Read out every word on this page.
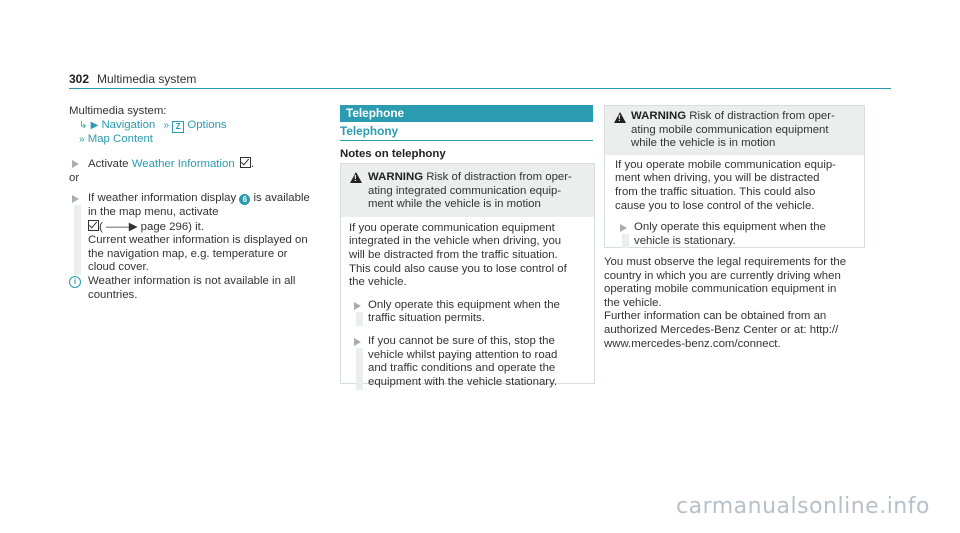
302 Multimedia system

Multimedia system:

↳ ▶ Navigation » Z Options

» Map Content

Activate Weather Information .

or

If weather information display 6 is available

in the map menu, activate

( ——▶ page 296) it.

Current weather information is displayed on

the navigation map, e.g. temperature or

cloud cover.

i	Weather information is not available in all

countries.

Telephone
Telephony
Notes on telephony
! WARNING Risk of distraction from oper-

ating integrated communication equip-

ment while the vehicle is in motion

If you operate communication equipment

integrated in the vehicle when driving, you

will be distracted from the traffic situation.

This could also cause you to lose control of

the vehicle.

Only operate this equipment when the

traffic situation permits.

If you cannot be sure of this, stop the

vehicle whilst paying attention to road

and traffic conditions and operate the

equipment with the vehicle stationary.

! WARNING Risk of distraction from oper-

ating mobile communication equipment

while the vehicle is in motion

If you operate mobile communication equip-

ment when driving, you will be distracted

from the traffic situation. This could also

cause you to lose control of the vehicle.

Only operate this equipment when the

vehicle is stationary.

You must observe the legal requirements for the

country in which you are currently driving when

operating mobile communication equipment in

the vehicle.

Further information can be obtained from an

authorized Mercedes-Benz Center or at: http://

www.mercedes-benz.com/connect.

carmanualsonline.info
